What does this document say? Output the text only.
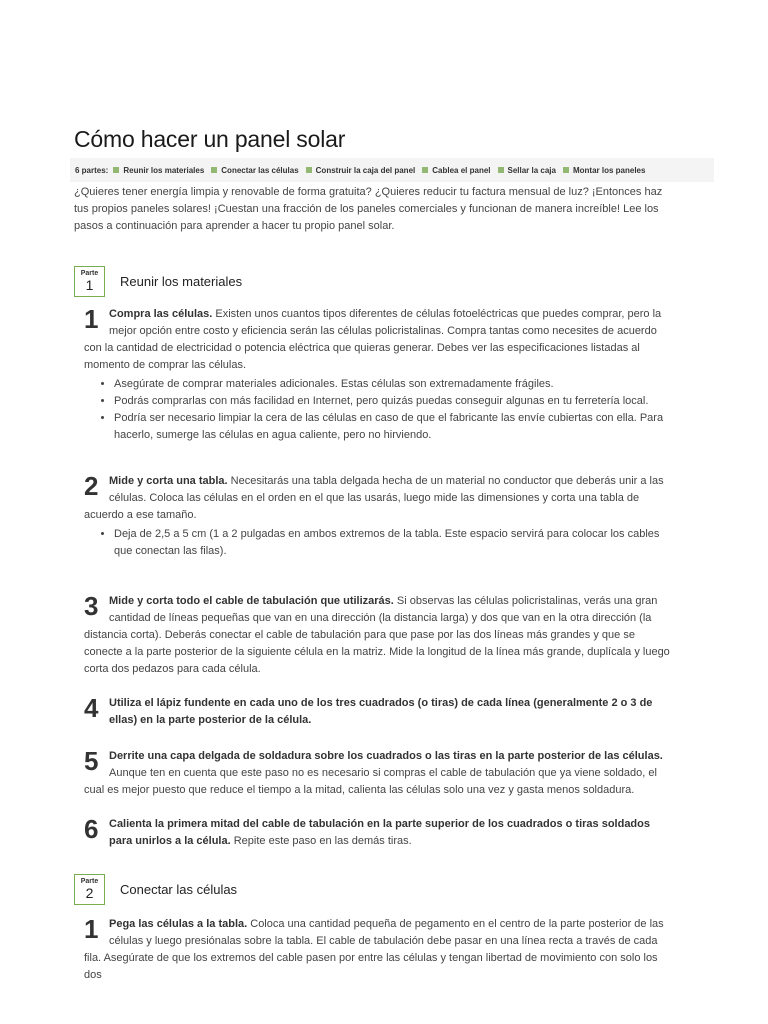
Cómo hacer un panel solar
6 partes: Reunir los materiales Conectar las células Construir la caja del panel Cablea el panel Sellar la caja Montar los paneles

¿Quieres tener energía limpia y renovable de forma gratuita? ¿Quieres reducir tu factura mensual de luz? ¡Entonces haz tus propios paneles solares! ¡Cuestan una fracción de los paneles comerciales y funcionan de manera increíble! Lee los pasos a continuación para aprender a hacer tu propio panel solar.

Parte
1 Reunir los materiales
1 Compra las células. Existen unos cuantos tipos diferentes de células fotoeléctricas que puedes comprar, pero la mejor opción entre costo y eficiencia serán las células policristalinas. Compra tantas como necesites de acuerdo con la cantidad de electricidad o potencia eléctrica que quieras generar. Debes ver las especificaciones listadas al momento de comprar las células.

• Asegúrate de comprar materiales adicionales. Estas células son extremadamente frágiles.
• Podrás comprarlas con más facilidad en Internet, pero quizás puedas conseguir algunas en tu ferretería local.
• Podría ser necesario limpiar la cera de las células en caso de que el fabricante las envíe cubiertas con ella. Para hacerlo, sumerge las células en agua caliente, pero no hirviendo.
2 Mide y corta una tabla. Necesitarás una tabla delgada hecha de un material no conductor que deberás unir a las células. Coloca las células en el orden en el que las usarás, luego mide las dimensiones y corta una tabla de acuerdo a ese tamaño.

• Deja de 2,5 a 5 cm (1 a 2 pulgadas en ambos extremos de la tabla. Este espacio servirá para colocar los cables que conectan las filas).
3 Mide y corta todo el cable de tabulación que utilizarás. Si observas las células policristalinas, verás una gran cantidad de líneas pequeñas que van en una dirección (la distancia larga) y dos que van en la otra dirección (la distancia corta). Deberás conectar el cable de tabulación para que pase por las dos líneas más grandes y que se conecte a la parte posterior de la siguiente célula en la matriz. Mide la longitud de la línea más grande, duplícala y luego corta dos pedazos para cada célula.

4 Utiliza el lápiz fundente en cada uno de los tres cuadrados (o tiras) de cada línea (generalmente 2 o 3 de ellas) en la parte posterior de la célula.

5 Derrite una capa delgada de soldadura sobre los cuadrados o las tiras en la parte posterior de las células. Aunque ten en cuenta que este paso no es necesario si compras el cable de tabulación que ya viene soldado, el cual es mejor puesto que reduce el tiempo a la mitad, calienta las células solo una vez y gasta menos soldadura.

6 Calienta la primera mitad del cable de tabulación en la parte superior de los cuadrados o tiras soldados para unirlos a la célula. Repite este paso en las demás tiras.

Parte
2 Conectar las células
1 Pega las células a la tabla. Coloca una cantidad pequeña de pegamento en el centro de la parte posterior de las células y luego presiónalas sobre la tabla. El cable de tabulación debe pasar en una línea recta a través de cada fila. Asegúrate de que los extremos del cable pasen por entre las células y tengan libertad de movimiento con solo los dos
